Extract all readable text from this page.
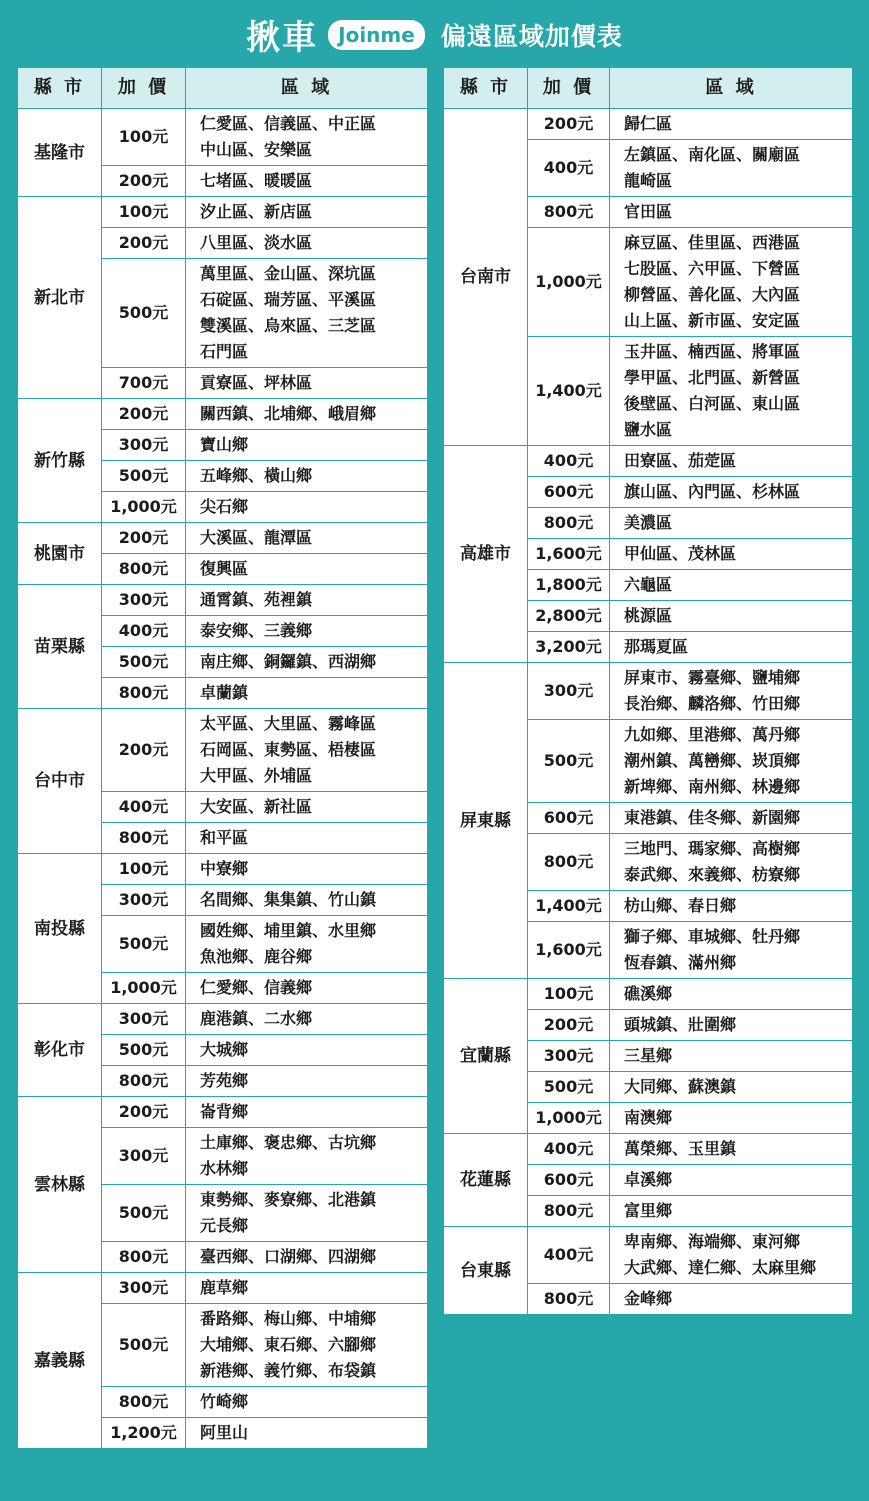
揪車	Joinme	偏遠區域加價表
縣 市	加 價	區 域
基隆市	100元	仁愛區、信義區、中正區
中山區、安樂區

	200元	七堵區、暖暖區

新北市	100元	汐止區、新店區

	200元	八里區、淡水區

	500元	萬里區、金山區、深坑區
石碇區、瑞芳區、平溪區
雙溪區、烏來區、三芝區
石門區

	700元	貢寮區、坪林區

新竹縣	200元	關西鎮、北埔鄉、峨眉鄉

	300元	寶山鄉

	500元	五峰鄉、橫山鄉

	1,000元	尖石鄉

桃園市	200元	大溪區、龍潭區

	800元	復興區

苗栗縣	300元	通霄鎮、苑裡鎮

	400元	泰安鄉、三義鄉

	500元	南庄鄉、銅鑼鎮、西湖鄉

	800元	卓蘭鎮

台中市	200元	太平區、大里區、霧峰區
石岡區、東勢區、梧棲區
大甲區、外埔區

	400元	大安區、新社區

	800元	和平區

南投縣	100元	中寮鄉

	300元	名間鄉、集集鎮、竹山鎮

	500元	國姓鄉、埔里鎮、水里鄉
魚池鄉、鹿谷鄉

	1,000元	仁愛鄉、信義鄉

彰化市	300元	鹿港鎮、二水鄉

	500元	大城鄉

	800元	芳苑鄉

雲林縣	200元	崙背鄉

	300元	土庫鄉、褒忠鄉、古坑鄉
水林鄉

	500元	東勢鄉、麥寮鄉、北港鎮
元長鄉

	800元	臺西鄉、口湖鄉、四湖鄉

嘉義縣	300元	鹿草鄉

	500元	番路鄉、梅山鄉、中埔鄉
大埔鄉、東石鄉、六腳鄉
新港鄉、義竹鄉、布袋鎮

	800元	竹崎鄉

	1,200元	阿里山
縣 市	加 價	區 域
台南市	200元	歸仁區

	400元	左鎮區、南化區、關廟區
龍崎區

	800元	官田區

	1,000元	麻豆區、佳里區、西港區
七股區、六甲區、下營區
柳營區、善化區、大內區
山上區、新市區、安定區

	1,400元	玉井區、楠西區、將軍區
學甲區、北門區、新營區
後壁區、白河區、東山區
鹽水區

高雄市	400元	田寮區、茄萣區

	600元	旗山區、內門區、杉林區

	800元	美濃區

	1,600元	甲仙區、茂林區

	1,800元	六龜區

	2,800元	桃源區

	3,200元	那瑪夏區

屏東縣	300元	屏東市、霧臺鄉、鹽埔鄉
長治鄉、麟洛鄉、竹田鄉

	500元	九如鄉、里港鄉、萬丹鄉
潮州鎮、萬巒鄉、崁頂鄉
新埤鄉、南州鄉、林邊鄉

	600元	東港鎮、佳冬鄉、新園鄉

	800元	三地門、瑪家鄉、高樹鄉
泰武鄉、來義鄉、枋寮鄉

	1,400元	枋山鄉、春日鄉

	1,600元	獅子鄉、車城鄉、牡丹鄉
恆春鎮、滿州鄉

宜蘭縣	100元	礁溪鄉

	200元	頭城鎮、壯圍鄉

	300元	三星鄉

	500元	大同鄉、蘇澳鎮

	1,000元	南澳鄉

花蓮縣	400元	萬榮鄉、玉里鎮

	600元	卓溪鄉

	800元	富里鄉

台東縣	400元	卑南鄉、海端鄉、東河鄉
大武鄉、達仁鄉、太麻里鄉

	800元	金峰鄉
